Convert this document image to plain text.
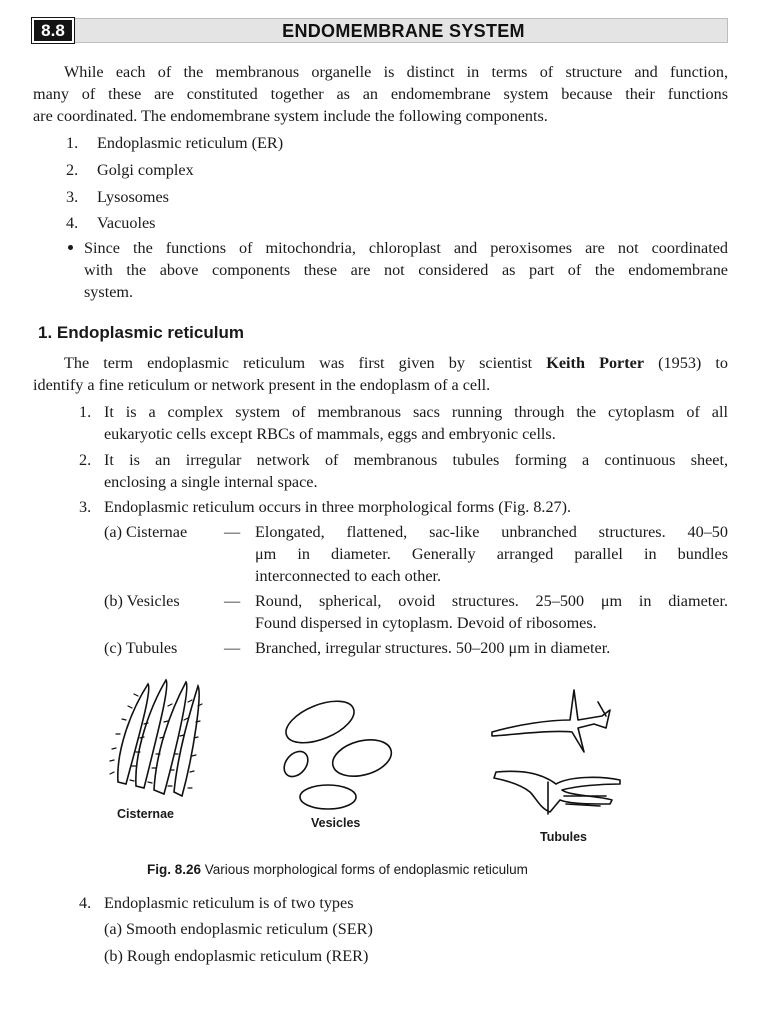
8.8	ENDOMEMBRANE SYSTEM
While each of the membranous organelle is distinct in terms of structure and function,
many of these are constituted together as an endomembrane system because their functions
are coordinated. The endomembrane system include the following components.
1. Endoplasmic reticulum (ER)
2. Golgi complex
3. Lysosomes
4. Vacuoles
Since the functions of mitochondria, chloroplast and peroxisomes are not coordinated
with the above components these are not considered as part of the endomembrane
system.
1. Endoplasmic reticulum
The term endoplasmic reticulum was first given by scientist Keith Porter (1953) to
identify a fine reticulum or network present in the endoplasm of a cell.
1. It is a complex system of membranous sacs running through the cytoplasm of all
eukaryotic cells except RBCs of mammals, eggs and embryonic cells.
2. It is an irregular network of membranous tubules forming a continuous sheet,
enclosing a single internal space.
3. Endoplasmic reticulum occurs in three morphological forms (Fig. 8.27).
(a) Cisternae — Elongated, flattened, sac-like unbranched structures. 40–50
μm in diameter. Generally arranged parallel in bundles
interconnected to each other.
(b) Vesicles	— Round, spherical, ovoid structures. 25–500 μm in diameter.
Found dispersed in cytoplasm. Devoid of ribosomes.
(c) Tubules	— Branched, irregular structures. 50–200 μm in diameter.
Cisternae
Vesicles
Tubules
Fig. 8.26 Various morphological forms of endoplasmic reticulum
4. Endoplasmic reticulum is of two types
(a) Smooth endoplasmic reticulum (SER)
(b) Rough endoplasmic reticulum (RER)
